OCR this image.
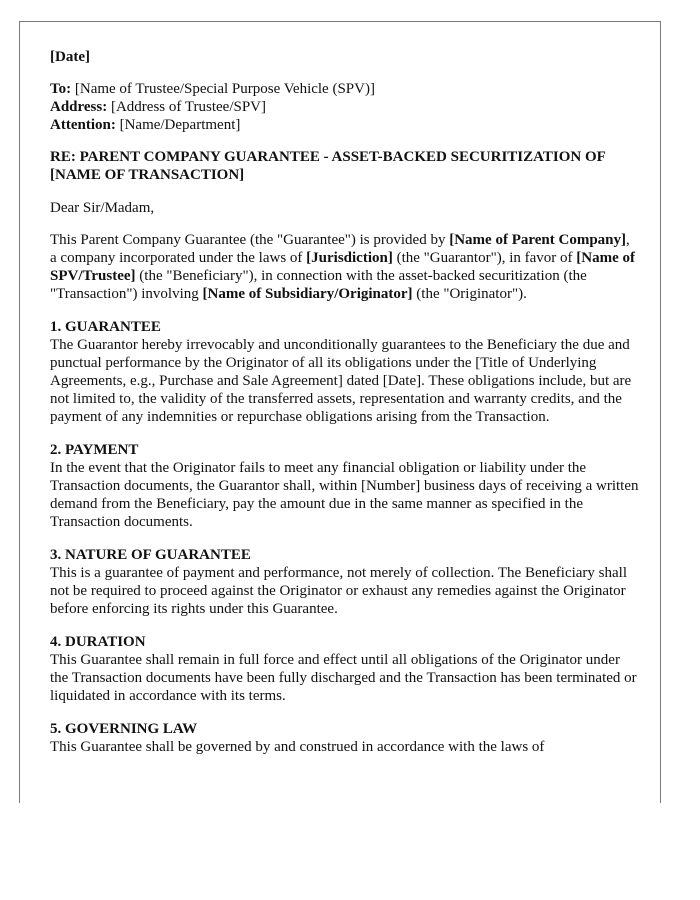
[Date]

To: [Name of Trustee/Special Purpose Vehicle (SPV)]

Address: [Address of Trustee/SPV]

Attention: [Name/Department]

RE: PARENT COMPANY GUARANTEE - ASSET-BACKED SECURITIZATION OF [NAME OF TRANSACTION]

Dear Sir/Madam,

This Parent Company Guarantee (the "Guarantee") is provided by [Name of Parent Company], a company incorporated under the laws of [Jurisdiction] (the "Guarantor"), in favor of [Name of SPV/Trustee] (the "Beneficiary"), in connection with the asset-backed securitization (the "Transaction") involving [Name of Subsidiary/Originator] (the "Originator").

1. GUARANTEE

The Guarantor hereby irrevocably and unconditionally guarantees to the Beneficiary the due and punctual performance by the Originator of all its obligations under the [Title of Underlying Agreements, e.g., Purchase and Sale Agreement] dated [Date]. These obligations include, but are not limited to, the validity of the transferred assets, representation and warranty credits, and the payment of any indemnities or repurchase obligations arising from the Transaction.

2. PAYMENT

In the event that the Originator fails to meet any financial obligation or liability under the Transaction documents, the Guarantor shall, within [Number] business days of receiving a written demand from the Beneficiary, pay the amount due in the same manner as specified in the Transaction documents.

3. NATURE OF GUARANTEE

This is a guarantee of payment and performance, not merely of collection. The Beneficiary shall not be required to proceed against the Originator or exhaust any remedies against the Originator before enforcing its rights under this Guarantee.

4. DURATION

This Guarantee shall remain in full force and effect until all obligations of the Originator under the Transaction documents have been fully discharged and the Transaction has been terminated or liquidated in accordance with its terms.

5. GOVERNING LAW

This Guarantee shall be governed by and construed in accordance with the laws of
